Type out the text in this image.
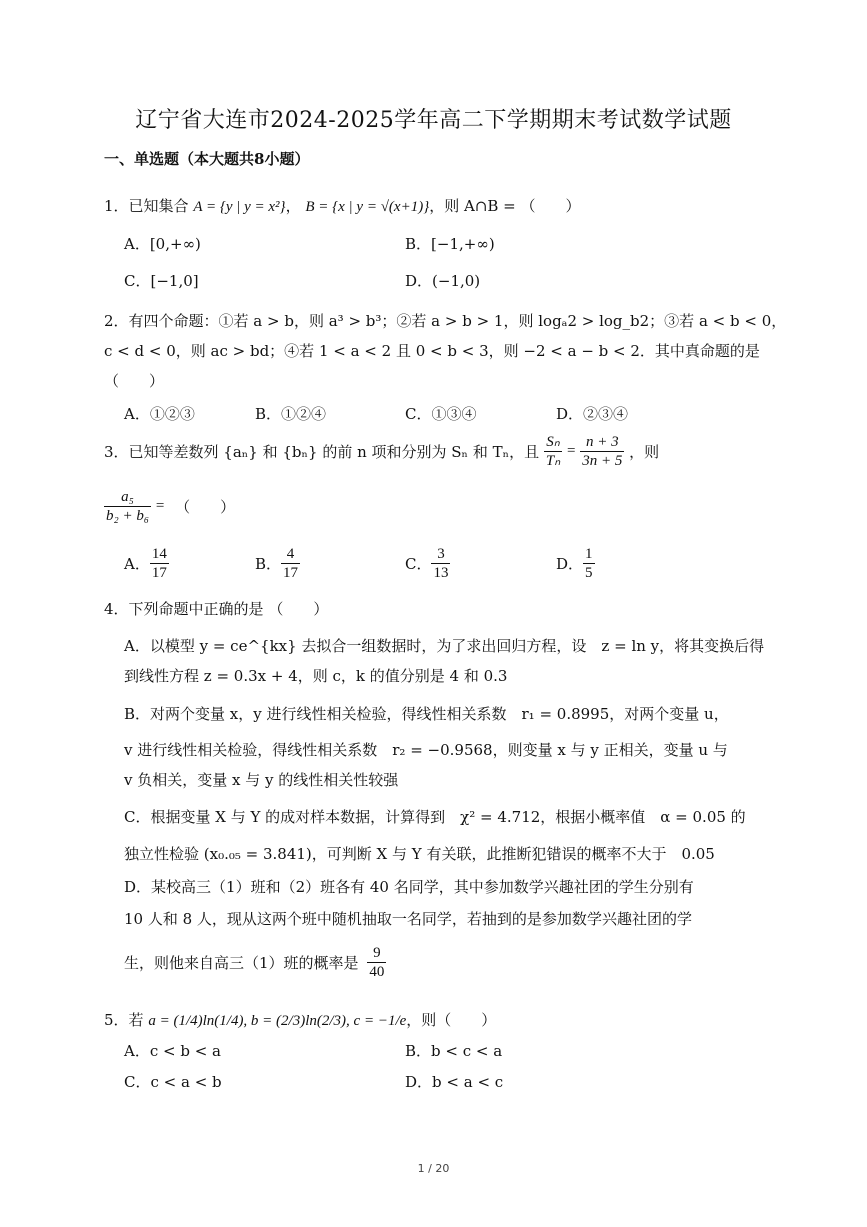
辽宁省大连市2024-2025学年高二下学期期末考试数学试题
一、单选题（本大题共8小题）
1．已知集合 A = {y | y = x²}， B = {x | y = √(x+1)}，则 A∩B = （　　）
A．[0,+∞)	B．[−1,+∞)
C．[−1,0]	D．(−1,0)
2．有四个命题：①若 a > b，则 a³ > b³；②若 a > b > 1，则 logₐ2 > log_b2；③若 a < b < 0，
c < d < 0，则 ac > bd；④若 1 < a < 2 且 0 < b < 3，则 −2 < a − b < 2．其中真命题的是
（　　）
A．①②③	B．①②④	C．①③④	D．②③④
3．已知等差数列 {aₙ} 和 {bₙ} 的前 n 项和分别为 Sₙ 和 Tₙ，且 $\frac{\text{Sₙ}}{\text{Tₙ}} = \frac{n + 3}{3n + 5}$ ，则
$\frac{\text{a₅}}{\text{b₂ + b₆}}$ = （　　）
A． $\frac{14}{17}$	B． $\frac{4}{17}$	C． $\frac{3}{13}$	D． $\frac{1}{5}$
4．下列命题中正确的是 （　　）
A．以模型 y = ce^{kx} 去拟合一组数据时，为了求出回归方程，设　z = ln y，将其变换后得
到线性方程 z = 0.3x + 4，则 c，k 的值分别是 4 和 0.3
B．对两个变量 x，y 进行线性相关检验，得线性相关系数　r₁ = 0.8995，对两个变量 u，
v 进行线性相关检验，得线性相关系数　r₂ = −0.9568，则变量 x 与 y 正相关，变量 u 与
v 负相关，变量 x 与 y 的线性相关性较强
C．根据变量 X 与 Y 的成对样本数据，计算得到　χ² = 4.712，根据小概率值　α = 0.05 的
独立性检验 (x₀.₀₅ = 3.841)，可判断 X 与 Y 有关联，此推断犯错误的概率不大于　0.05
D．某校高三（1）班和（2）班各有 40 名同学，其中参加数学兴趣社团的学生分别有
10 人和 8 人，现从这两个班中随机抽取一名同学，若抽到的是参加数学兴趣社团的学
生，则他来自高三（1）班的概率是 $\frac{9}{40}$
5．若 a = (1/4)ln(1/4), b = (2/3)ln(2/3), c = −1/e，则（　　）
A．c < b < a	B．b < c < a
C．c < a < b	D．b < a < c
1 / 20
